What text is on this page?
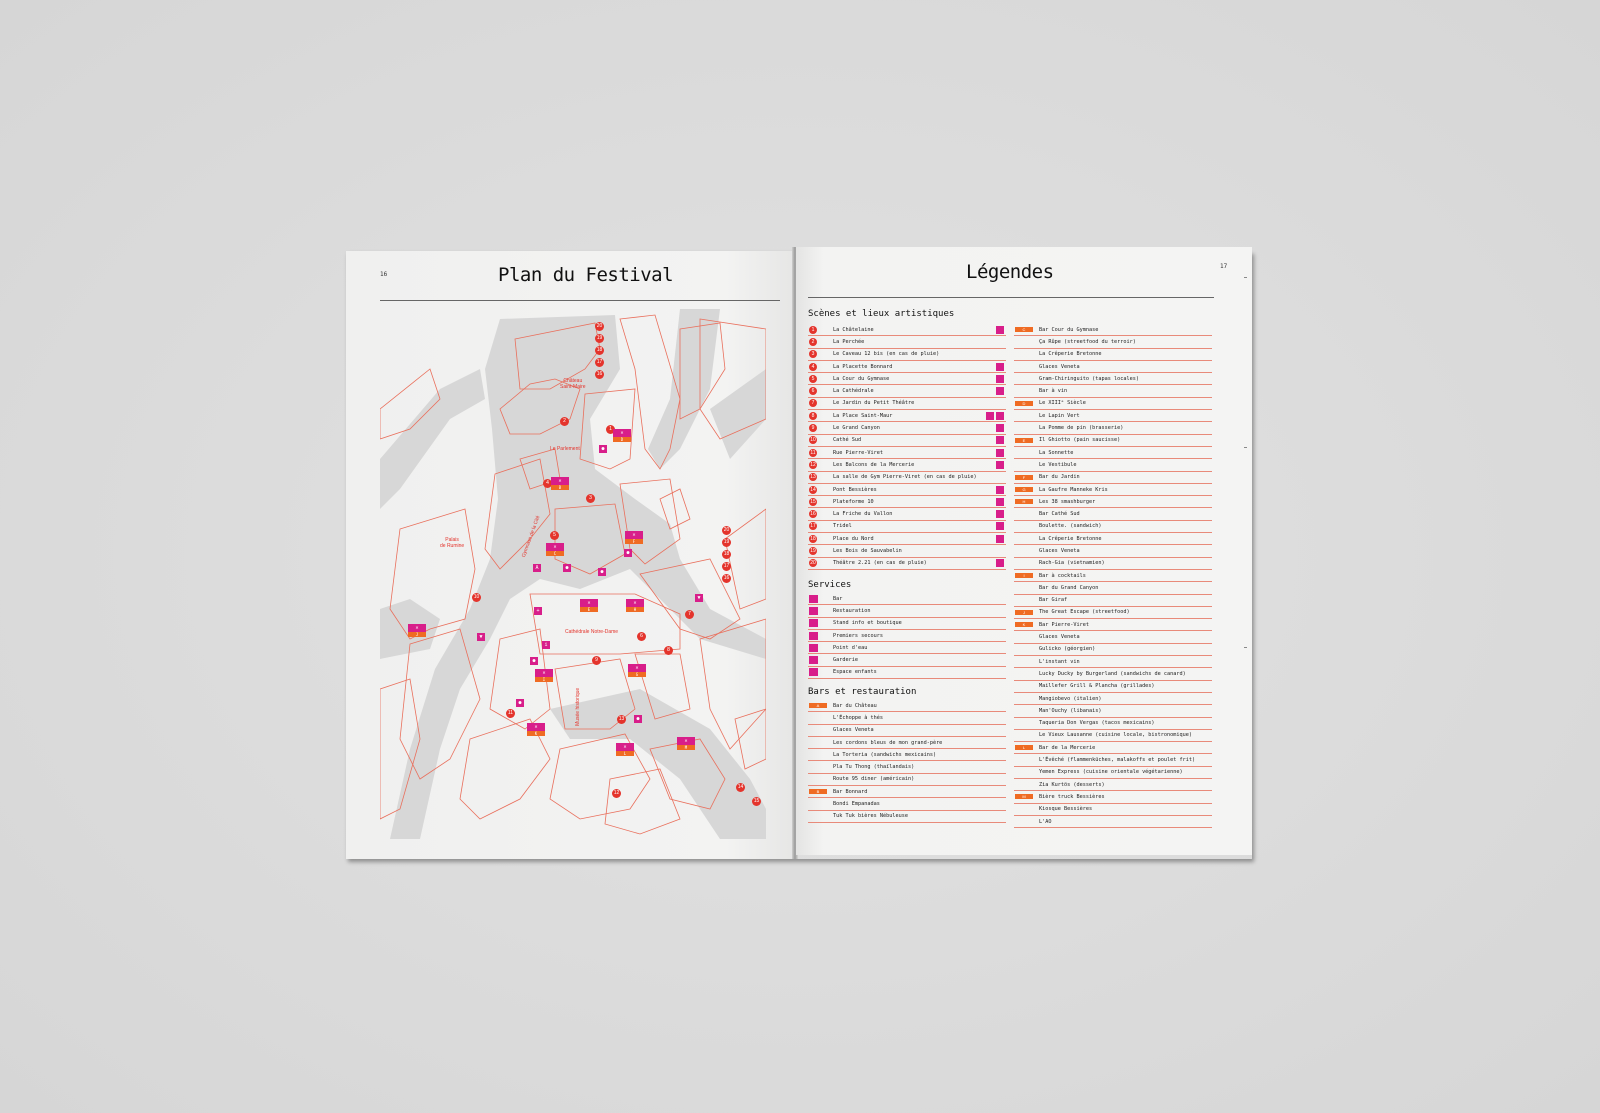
16	Plan du Festival
Château
Saint-Maire
Le Parlement
Palais
de Rumine
Cathédrale Notre-Dame
Musée historique
Gymnase de la Cité
20
19
18
17
16
2
1
4
3
5
10
7
6
8
9
11
13
12
14
15
20
19
18
17
16
●
A	●
●
+
i
●
●
●
●
▼
▼
✕
D
✕
B
✕
C
✕
F
✕
E
✕
H
✕
J
✕
I
✕
G
✕
K
✕
L
✕
M
17
Légendes
Scènes et lieux artistiques
1	La Châtelaine
2	La Perchée
3	Le Caveau 12 bis (en cas de pluie)
4	La Placette Bonnard
5	La Cour du Gymnase
6	La Cathédrale
7	Le Jardin du Petit Théâtre
8	La Place Saint-Maur
9	Le Grand Canyon
10	Cathé Sud
11	Rue Pierre-Viret
12	Les Balcons de la Mercerie
13	La salle de Gym Pierre-Viret (en cas de pluie)
14	Pont Bessières
15	Plateforme 10
16	La Friche du Vallon
17	Tridel
18	Place du Nord
19	Les Bois de Sauvabelin
20	Théâtre 2.21 (en cas de pluie)
Services
Bar
Restauration
Stand info et boutique
Premiers secours
Point d'eau
Garderie
Espace enfants
Bars et restauration
A	Bar du Château
L'Échoppe à thés
Glaces Veneta
Les cordons bleus de mon grand-père
La Torteria (sandwichs mexicains)
Pla Tu Thong (thaïlandais)
Route 95 diner (américain)
B	Bar Bonnard
Bondi Empanadas
Tuk Tuk bières Nébuleuse
C	Bar Cour du Gymnase
Ça Rûpe (streetfood du terroir)
La Crêperie Bretonne
Glaces Veneta
Gram-Chiringuito (tapas locales)
Bar à vin
D	Le XIIIᵉ Siècle
Le Lapin Vert
La Pomme de pin (brasserie)
E	Il Ghiotto (pain saucisse)
La Sonnette
Le Vestibule
F	Bar du Jardin
G	La Gaufre Manneke Kris
H	Les 38 smashburger
Bar Cathé Sud
Boulette. (sandwich)
La Crêperie Bretonne
Glaces Veneta
Rach-Gia (vietnamien)
I	Bar à cocktails
Bar du Grand Canyon
Bar Giraf
J	The Great Escape (streetfood)
K	Bar Pierre-Viret
Glaces Veneta
Gulicko (géorgien)
L'instant vin
Lucky Ducky by Burgerland (sandwichs de canard)
Maillefer Grill & Plancha (grillades)
Mangiobevo (italien)
Man'Ouchy (libanais)
Taqueria Don Vergas (tacos mexicains)
Le Vieux Lausanne (cuisine locale, bistronomique)
L	Bar de la Mercerie
L'Évêché (flammenküches, malakoffs et poulet frit)
Yemen Express (cuisine orientale végétarienne)
Zia Kurtös (desserts)
M	Bière truck Bessières
Kiosque Bessières
L'AO
